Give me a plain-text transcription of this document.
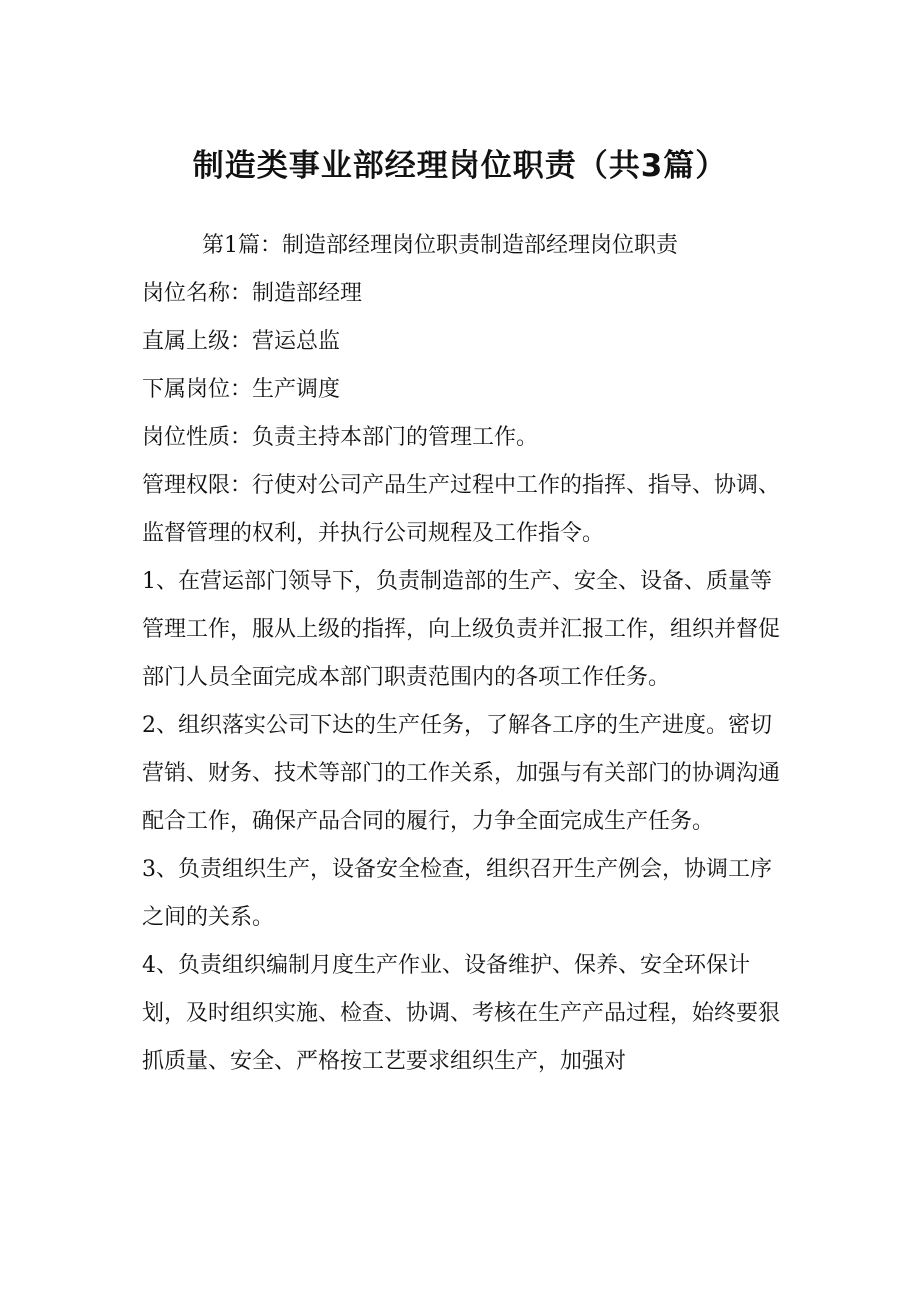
制造类事业部经理岗位职责（共3篇）

第1篇：制造部经理岗位职责制造部经理岗位职责

岗位名称：制造部经理

直属上级：营运总监

下属岗位：生产调度

岗位性质：负责主持本部门的管理工作。

管理权限：行使对公司产品生产过程中工作的指挥、指导、协调、监督管理的权利，并执行公司规程及工作指令。

1、在营运部门领导下，负责制造部的生产、安全、设备、质量等管理工作，服从上级的指挥，向上级负责并汇报工作，组织并督促部门人员全面完成本部门职责范围内的各项工作任务。

2、组织落实公司下达的生产任务，了解各工序的生产进度。密切营销、财务、技术等部门的工作关系，加强与有关部门的协调沟通配合工作，确保产品合同的履行，力争全面完成生产任务。

3、负责组织生产，设备安全检查，组织召开生产例会，协调工序之间的关系。

4、负责组织编制月度生产作业、设备维护、保养、安全环保计划，及时组织实施、检查、协调、考核在生产产品过程，始终要狠抓质量、安全、严格按工艺要求组织生产，加强对
